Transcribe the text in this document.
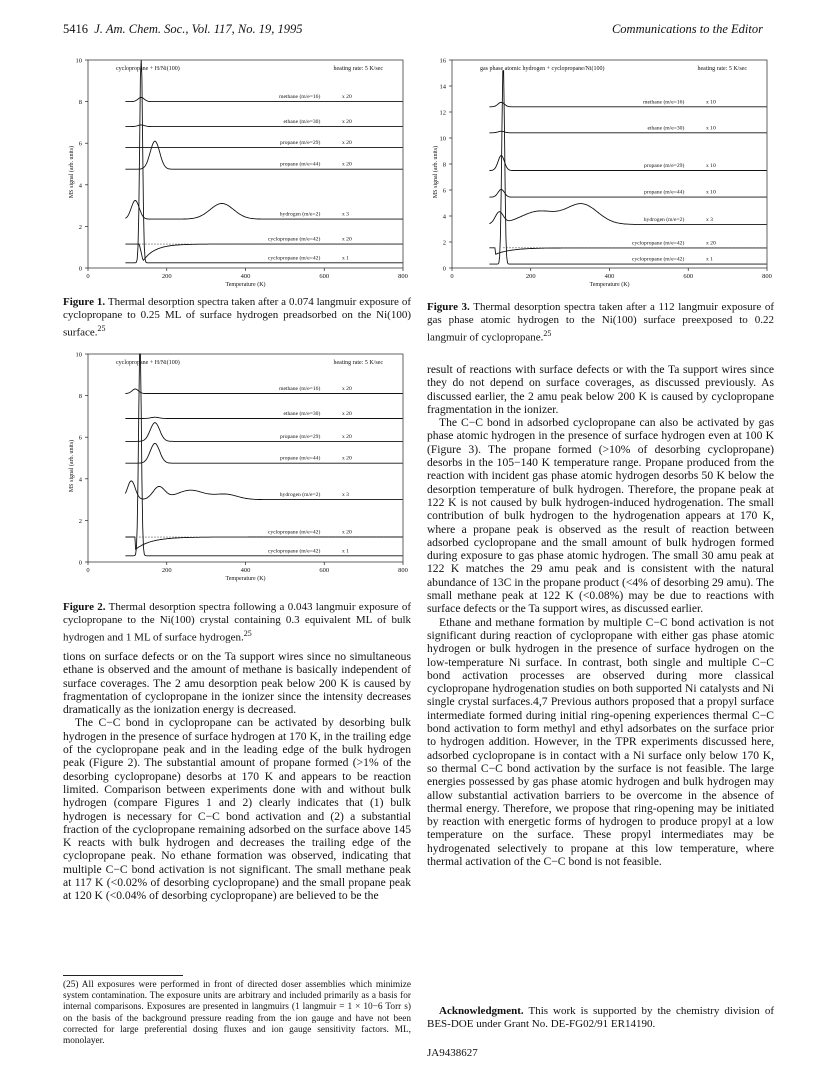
5416 J. Am. Chem. Soc., Vol. 117, No. 19, 1995	Communications to the Editor
0
2
4
6
8
10
0	200	400	600	800
Temperature (K)
MS signal (arb. units)
cyclopropane + H/Ni(100)	heating rate: 5 K/sec
methane (m/e=16)	x 20
ethane (m/e=30)	x 20
propane (m/e=29)	x 20
propane (m/e=44)	x 20
hydrogen (m/e=2)	x 3
cyclopropane (m/e=42)	x 20
cyclopropane (m/e=42)	x 1
Figure 1. Thermal desorption spectra taken after a 0.074 langmuir exposure of cyclopropane to 0.25 ML of surface hydrogen preadsorbed on the Ni(100) surface.$^{25}$
0
2
4
6
8
10
0	200	400	600	800
Temperature (K)
MS signal (arb. units)
cyclopropane + H/Ni(100)	heating rate: 5 K/sec
methane (m/e=16)	x 20
ethane (m/e=30)	x 20
propane (m/e=29)	x 20
propane (m/e=44)	x 20
hydrogen (m/e=2)	x 3
cyclopropane (m/e=42)	x 20
cyclopropane (m/e=42)	x 1
Figure 2. Thermal desorption spectra following a 0.043 langmuir exposure of cyclopropane to the Ni(100) crystal containing 0.3 equivalent ML of bulk hydrogen and 1 ML of surface hydrogen.$^{25}$
0
2
4
6
8
10
12
14
16
0	200	400	600	800
Temperature (K)
MS signal (arb. units)
gas phase atomic hydrogen + cyclopropane/Ni(100)	heating rate: 5 K/sec
methane (m/e=16)	x 10
ethane (m/e=30)	x 10
propane (m/e=29)	x 10
propane (m/e=44)	x 10
hydrogen (m/e=2)	x 3
cyclopropane (m/e=42)	x 20
cyclopropane (m/e=42)	x 1
Figure 3. Thermal desorption spectra taken after a 112 langmuir exposure of gas phase atomic hydrogen to the Ni(100) surface preexposed to 0.22 langmuir of cyclopropane.$^{25}$

tions on surface defects or on the Ta support wires since no simultaneous ethane is observed and the amount of methane is basically independent of surface coverages. The 2 amu desorption peak below 200 K is caused by fragmentation of cyclopropane in the ionizer since the intensity decreases dramatically as the ionization energy is decreased.

The C−C bond in cyclopropane can be activated by desorbing bulk hydrogen in the presence of surface hydrogen at 170 K, in the trailing edge of the cyclopropane peak and in the leading edge of the bulk hydrogen peak (Figure 2). The substantial amount of propane formed (>1% of the desorbing cyclopropane) desorbs at 170 K and appears to be reaction limited. Comparison between experiments done with and without bulk hydrogen (compare Figures 1 and 2) clearly indicates that (1) bulk hydrogen is necessary for C−C bond activation and (2) a substantial fraction of the cyclopropane remaining adsorbed on the surface above 145 K reacts with bulk hydrogen and decreases the trailing edge of the cyclopropane peak. No ethane formation was observed, indicating that multiple C−C bond activation is not significant. The small methane peak at 117 K (<0.02% of desorbing cyclopropane) and the small propane peak at 120 K (<0.04% of desorbing cyclopropane) are believed to be the

(25) All exposures were performed in front of directed doser assemblies which minimize system contamination. The exposure units are arbitrary and included primarily as a basis for internal comparisons. Exposures are presented in langmuirs (1 langmuir = 1 × 10−6 Torr s) on the basis of the background pressure reading from the ion gauge and have not been corrected for large preferential dosing fluxes and ion gauge sensitivity factors. ML, monolayer.

result of reactions with surface defects or with the Ta support wires since they do not depend on surface coverages, as discussed previously. As discussed earlier, the 2 amu peak below 200 K is caused by cyclopropane fragmentation in the ionizer.

The C−C bond in adsorbed cyclopropane can also be activated by gas phase atomic hydrogen in the presence of surface hydrogen even at 100 K (Figure 3). The propane formed (>10% of desorbing cyclopropane) desorbs in the 105−140 K temperature range. Propane produced from the reaction with incident gas phase atomic hydrogen desorbs 50 K below the desorption temperature of bulk hydrogen. Therefore, the propane peak at 122 K is not caused by bulk hydrogen-induced hydrogenation. The small contribution of bulk hydrogen to the hydrogenation appears at 170 K, where a propane peak is observed as the result of reaction between adsorbed cyclopropane and the small amount of bulk hydrogen formed during exposure to gas phase atomic hydrogen. The small 30 amu peak at 122 K matches the 29 amu peak and is consistent with the natural abundance of 13C in the propane product (<4% of desorbing 29 amu). The small methane peak at 122 K (<0.08%) may be due to reactions with surface defects or the Ta support wires, as discussed earlier.

Ethane and methane formation by multiple C−C bond activation is not significant during reaction of cyclopropane with either gas phase atomic hydrogen or bulk hydrogen in the presence of surface hydrogen on the low-temperature Ni surface. In contrast, both single and multiple C−C bond activation processes are observed during more classical cyclopropane hydrogenation studies on both supported Ni catalysts and Ni single crystal surfaces.4,7 Previous authors proposed that a propyl surface intermediate formed during initial ring-opening experiences thermal C−C bond activation to form methyl and ethyl adsorbates on the surface prior to hydrogen addition. However, in the TPR experiments discussed here, adsorbed cyclopropane is in contact with a Ni surface only below 170 K, so thermal C−C bond activation by the surface is not feasible. The large energies possessed by gas phase atomic hydrogen and bulk hydrogen may allow substantial activation barriers to be overcome in the absence of thermal energy. Therefore, we propose that ring-opening may be initiated by reaction with energetic forms of hydrogen to produce propyl at a low temperature on the surface. These propyl intermediates may be hydrogenated selectively to propane at this low temperature, where thermal activation of the C−C bond is not feasible.

Acknowledgment. This work is supported by the chemistry division of BES-DOE under Grant No. DE-FG02/91 ER14190.
JA9438627
